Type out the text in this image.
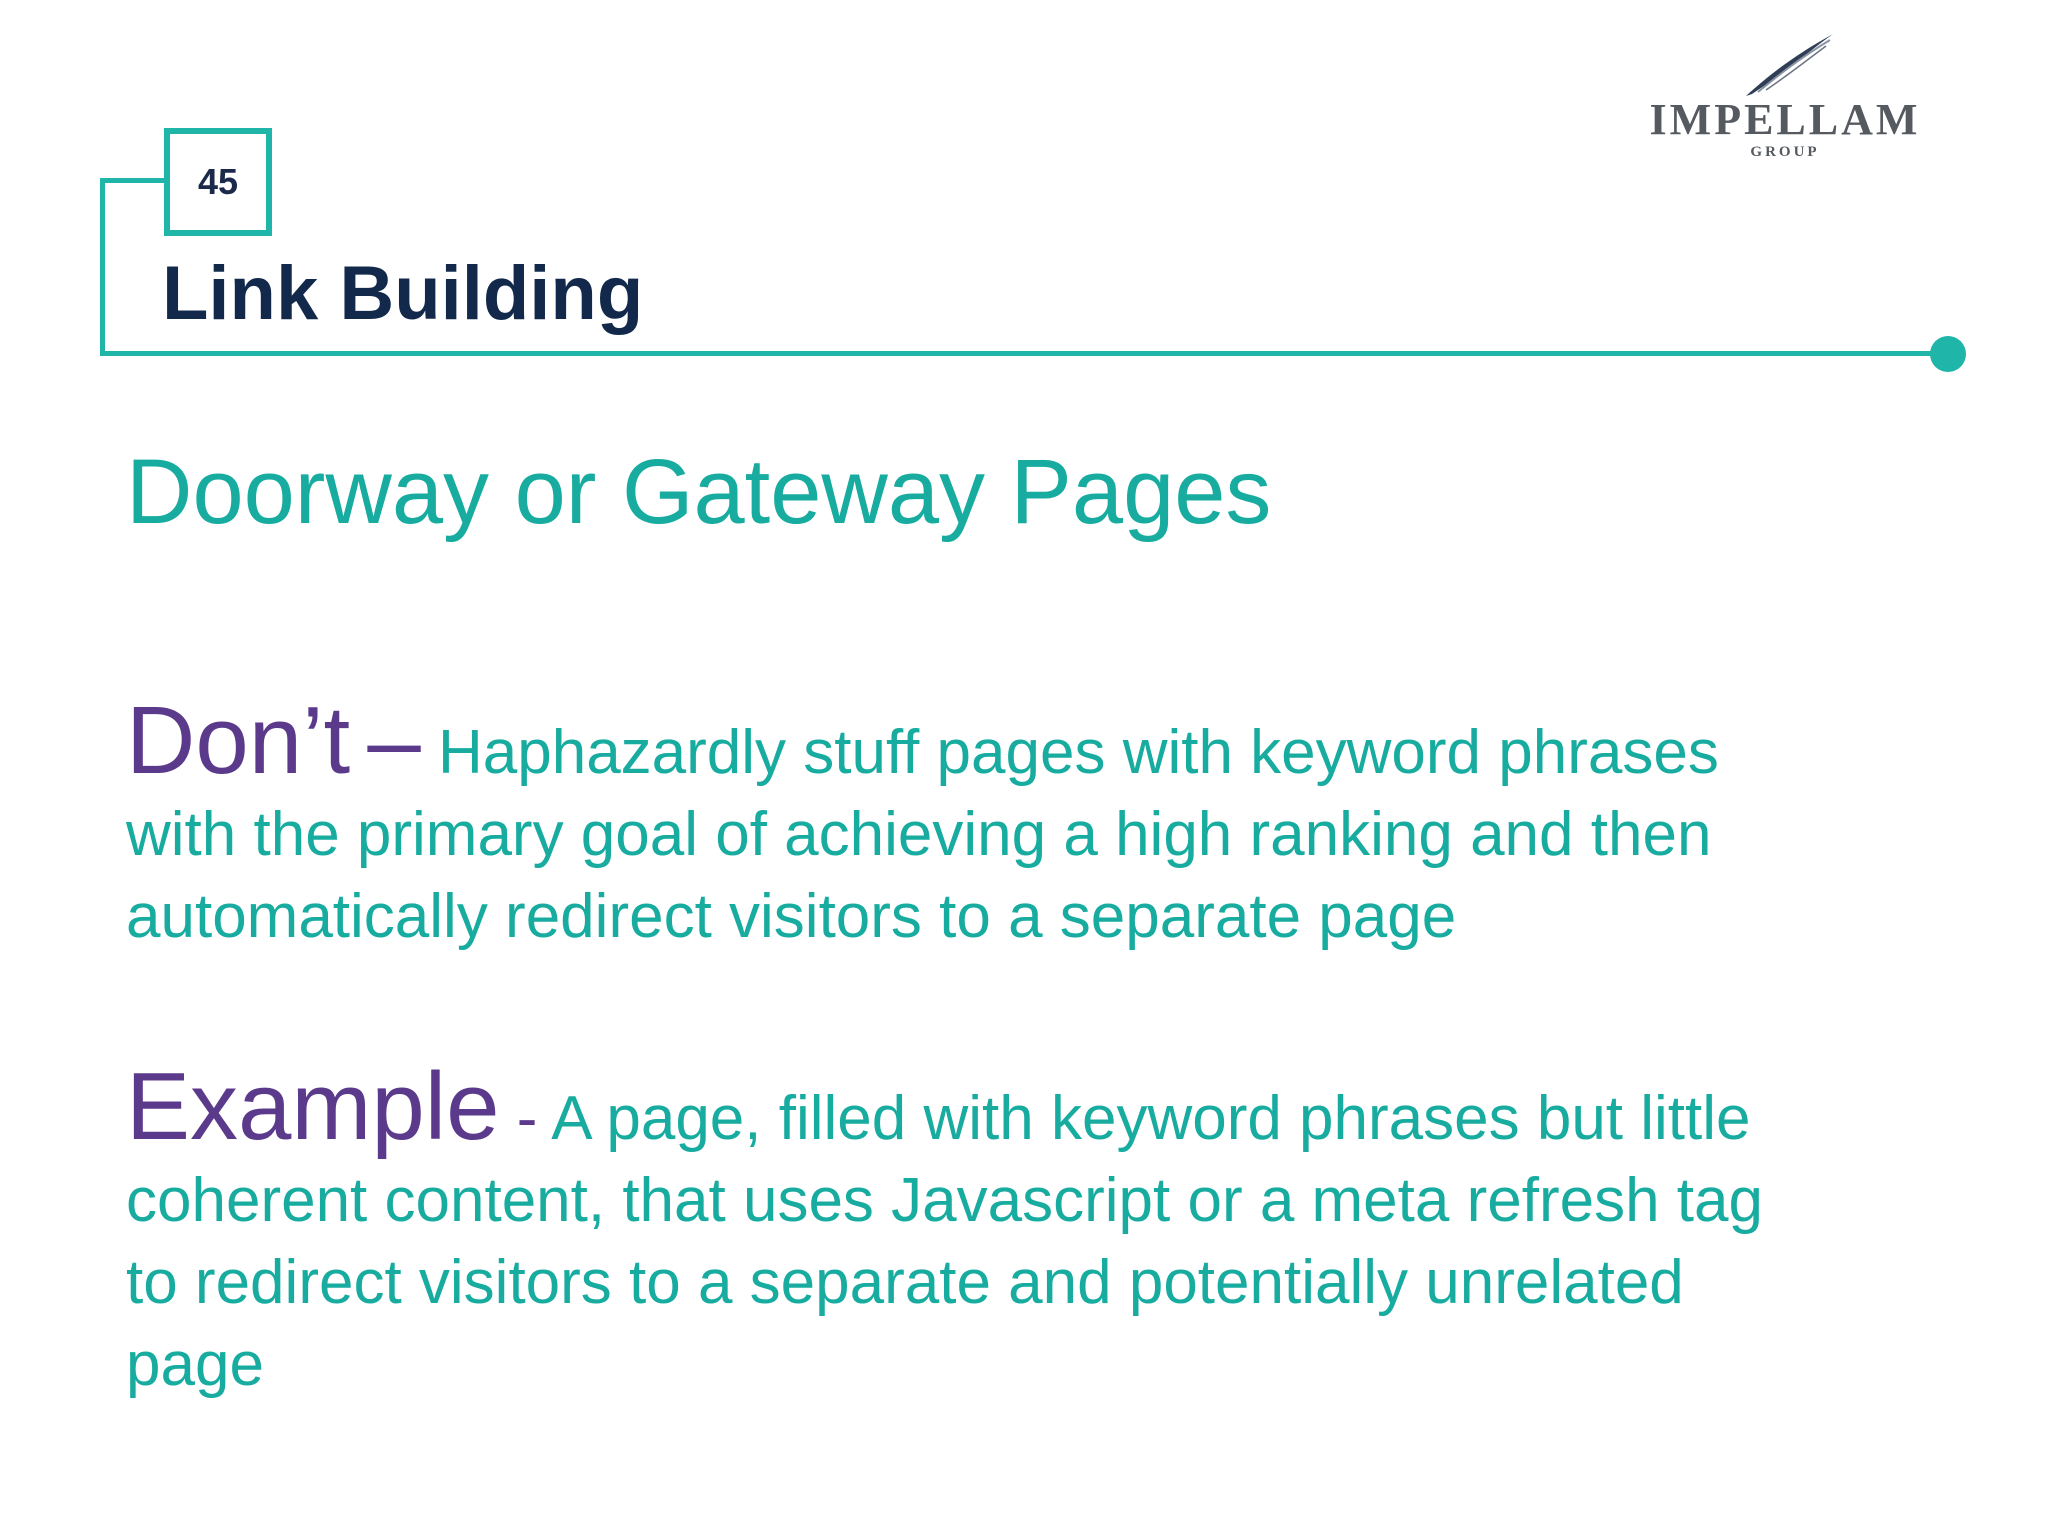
45
Link Building
IMPELLAM
GROUP
Doorway or Gateway Pages
Don’t – Haphazardly stuff pages with keyword phrases
with the primary goal of achieving a high ranking and then
automatically redirect visitors to a separate page
Example - A page, filled with keyword phrases but little
coherent content, that uses Javascript or a meta refresh tag
to redirect visitors to a separate and potentially unrelated
page
